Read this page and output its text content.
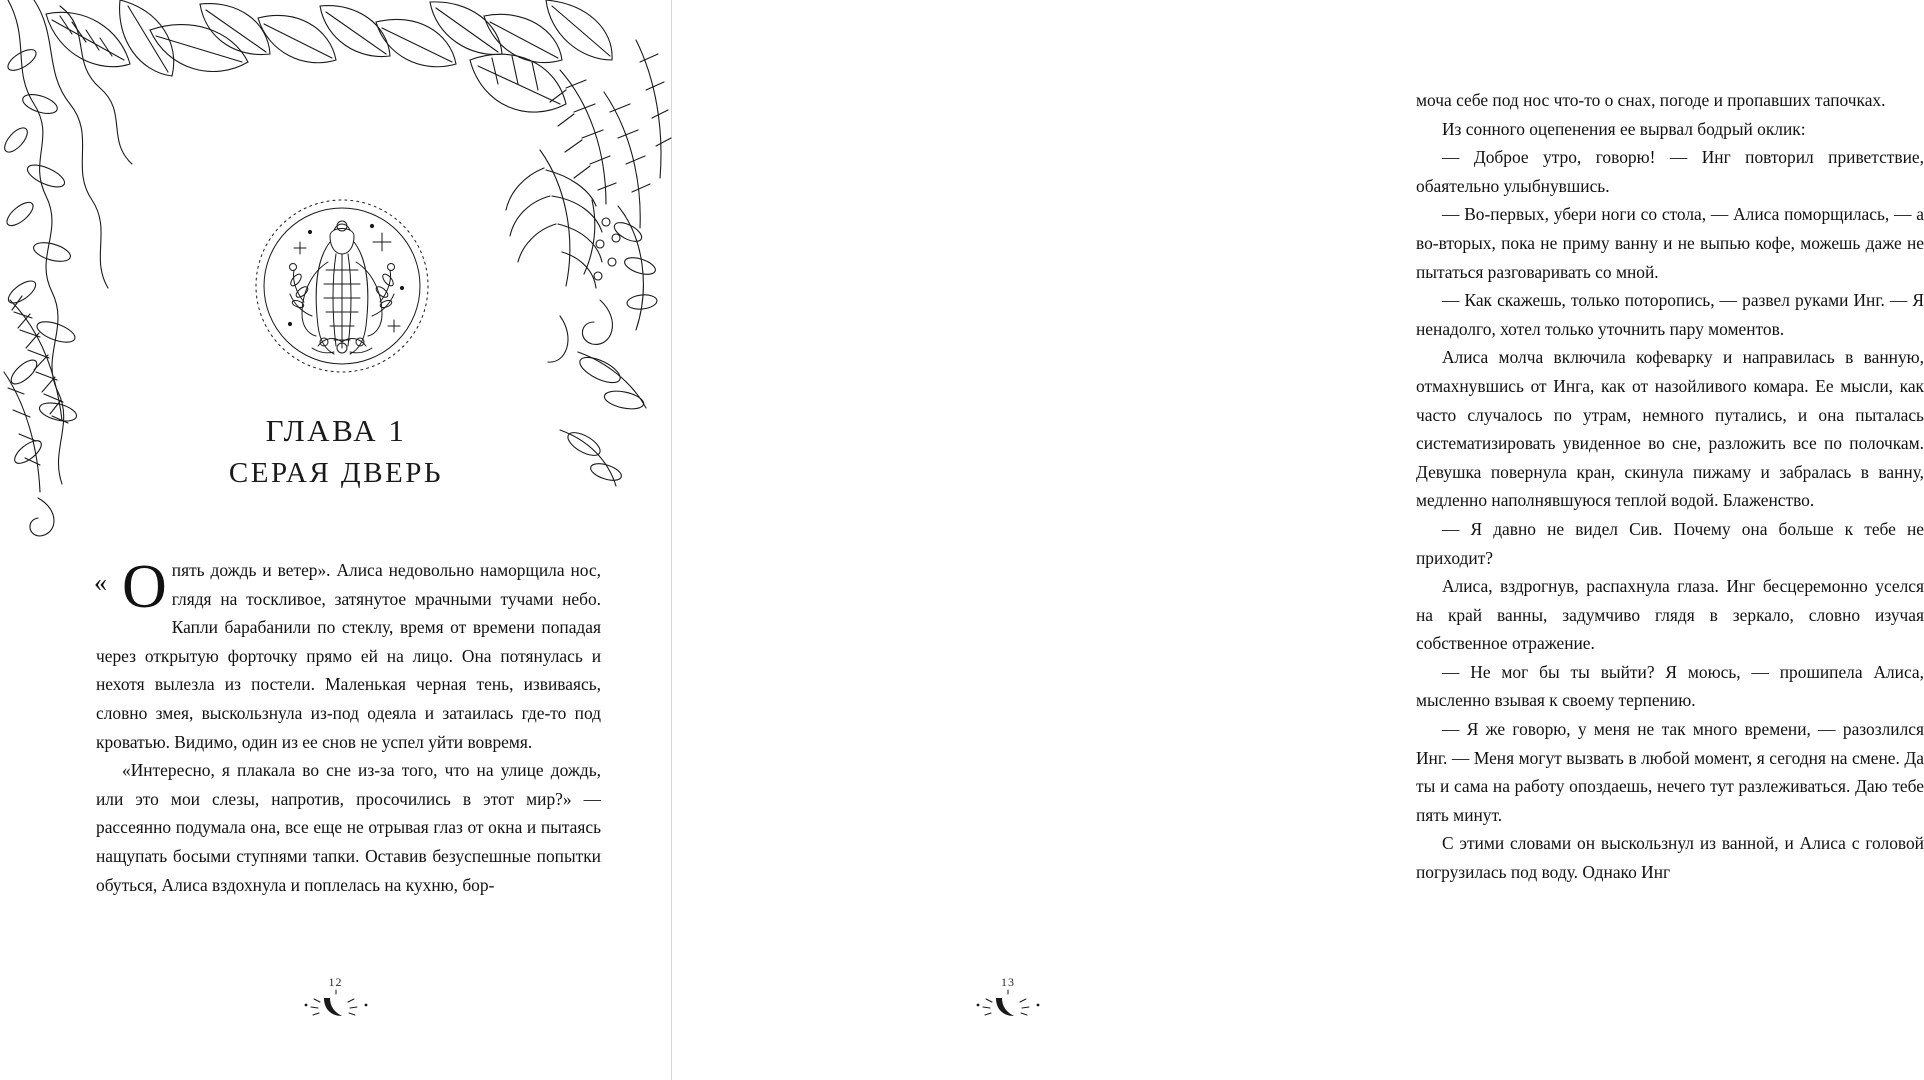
ГЛАВА 1
СЕРАЯ ДВЕРЬ
« О пять дождь и ветер». Алиса недовольно наморщила нос, глядя на тоскливое, затянутое мрачными тучами небо. Капли барабанили по стеклу, время от времени попадая через открытую форточку прямо ей на лицо. Она потянулась и нехотя вылезла из постели. Маленькая черная тень, извиваясь, словно змея, выскользнула из-под одеяла и затаилась где-то под кроватью. Видимо, один из ее снов не успел уйти вовремя.

«Интересно, я плакала во сне из-за того, что на улице дождь, или это мои слезы, напротив, просочились в этот мир?» — рассеянно подумала она, все еще не отрывая глаз от окна и пытаясь нащупать босыми ступнями тапки. Оставив безуспешные попытки обуться, Алиса вздохнула и поплелась на кухню, бор-

12

моча себе под нос что-то о снах, погоде и пропавших тапочках.

Из сонного оцепенения ее вырвал бодрый оклик:

— Доброе утро, говорю! — Инг повторил приветствие, обаятельно улыбнувшись.

— Во-первых, убери ноги со стола, — Алиса поморщилась, — а во-вторых, пока не приму ванну и не выпью кофе, можешь даже не пытаться разговаривать со мной.

— Как скажешь, только поторопись, — развел руками Инг. — Я ненадолго, хотел только уточнить пару моментов.

Алиса молча включила кофеварку и направилась в ванную, отмахнувшись от Инга, как от назойливого комара. Ее мысли, как часто случалось по утрам, немного путались, и она пыталась систематизировать увиденное во сне, разложить все по полочкам. Девушка повернула кран, скинула пижаму и забралась в ванну, медленно наполнявшуюся теплой водой. Блаженство.

— Я давно не видел Сив. Почему она больше к тебе не приходит?

Алиса, вздрогнув, распахнула глаза. Инг бесцеремонно уселся на край ванны, задумчиво глядя в зеркало, словно изучая собственное отражение.

— Не мог бы ты выйти? Я моюсь, — прошипела Алиса, мысленно взывая к своему терпению.

— Я же говорю, у меня не так много времени, — разозлился Инг. — Меня могут вызвать в любой момент, я сегодня на смене. Да ты и сама на работу опоздаешь, нечего тут разлеживаться. Даю тебе пять минут.

С этими словами он выскользнул из ванной, и Алиса с головой погрузилась под воду. Однако Инг

13
